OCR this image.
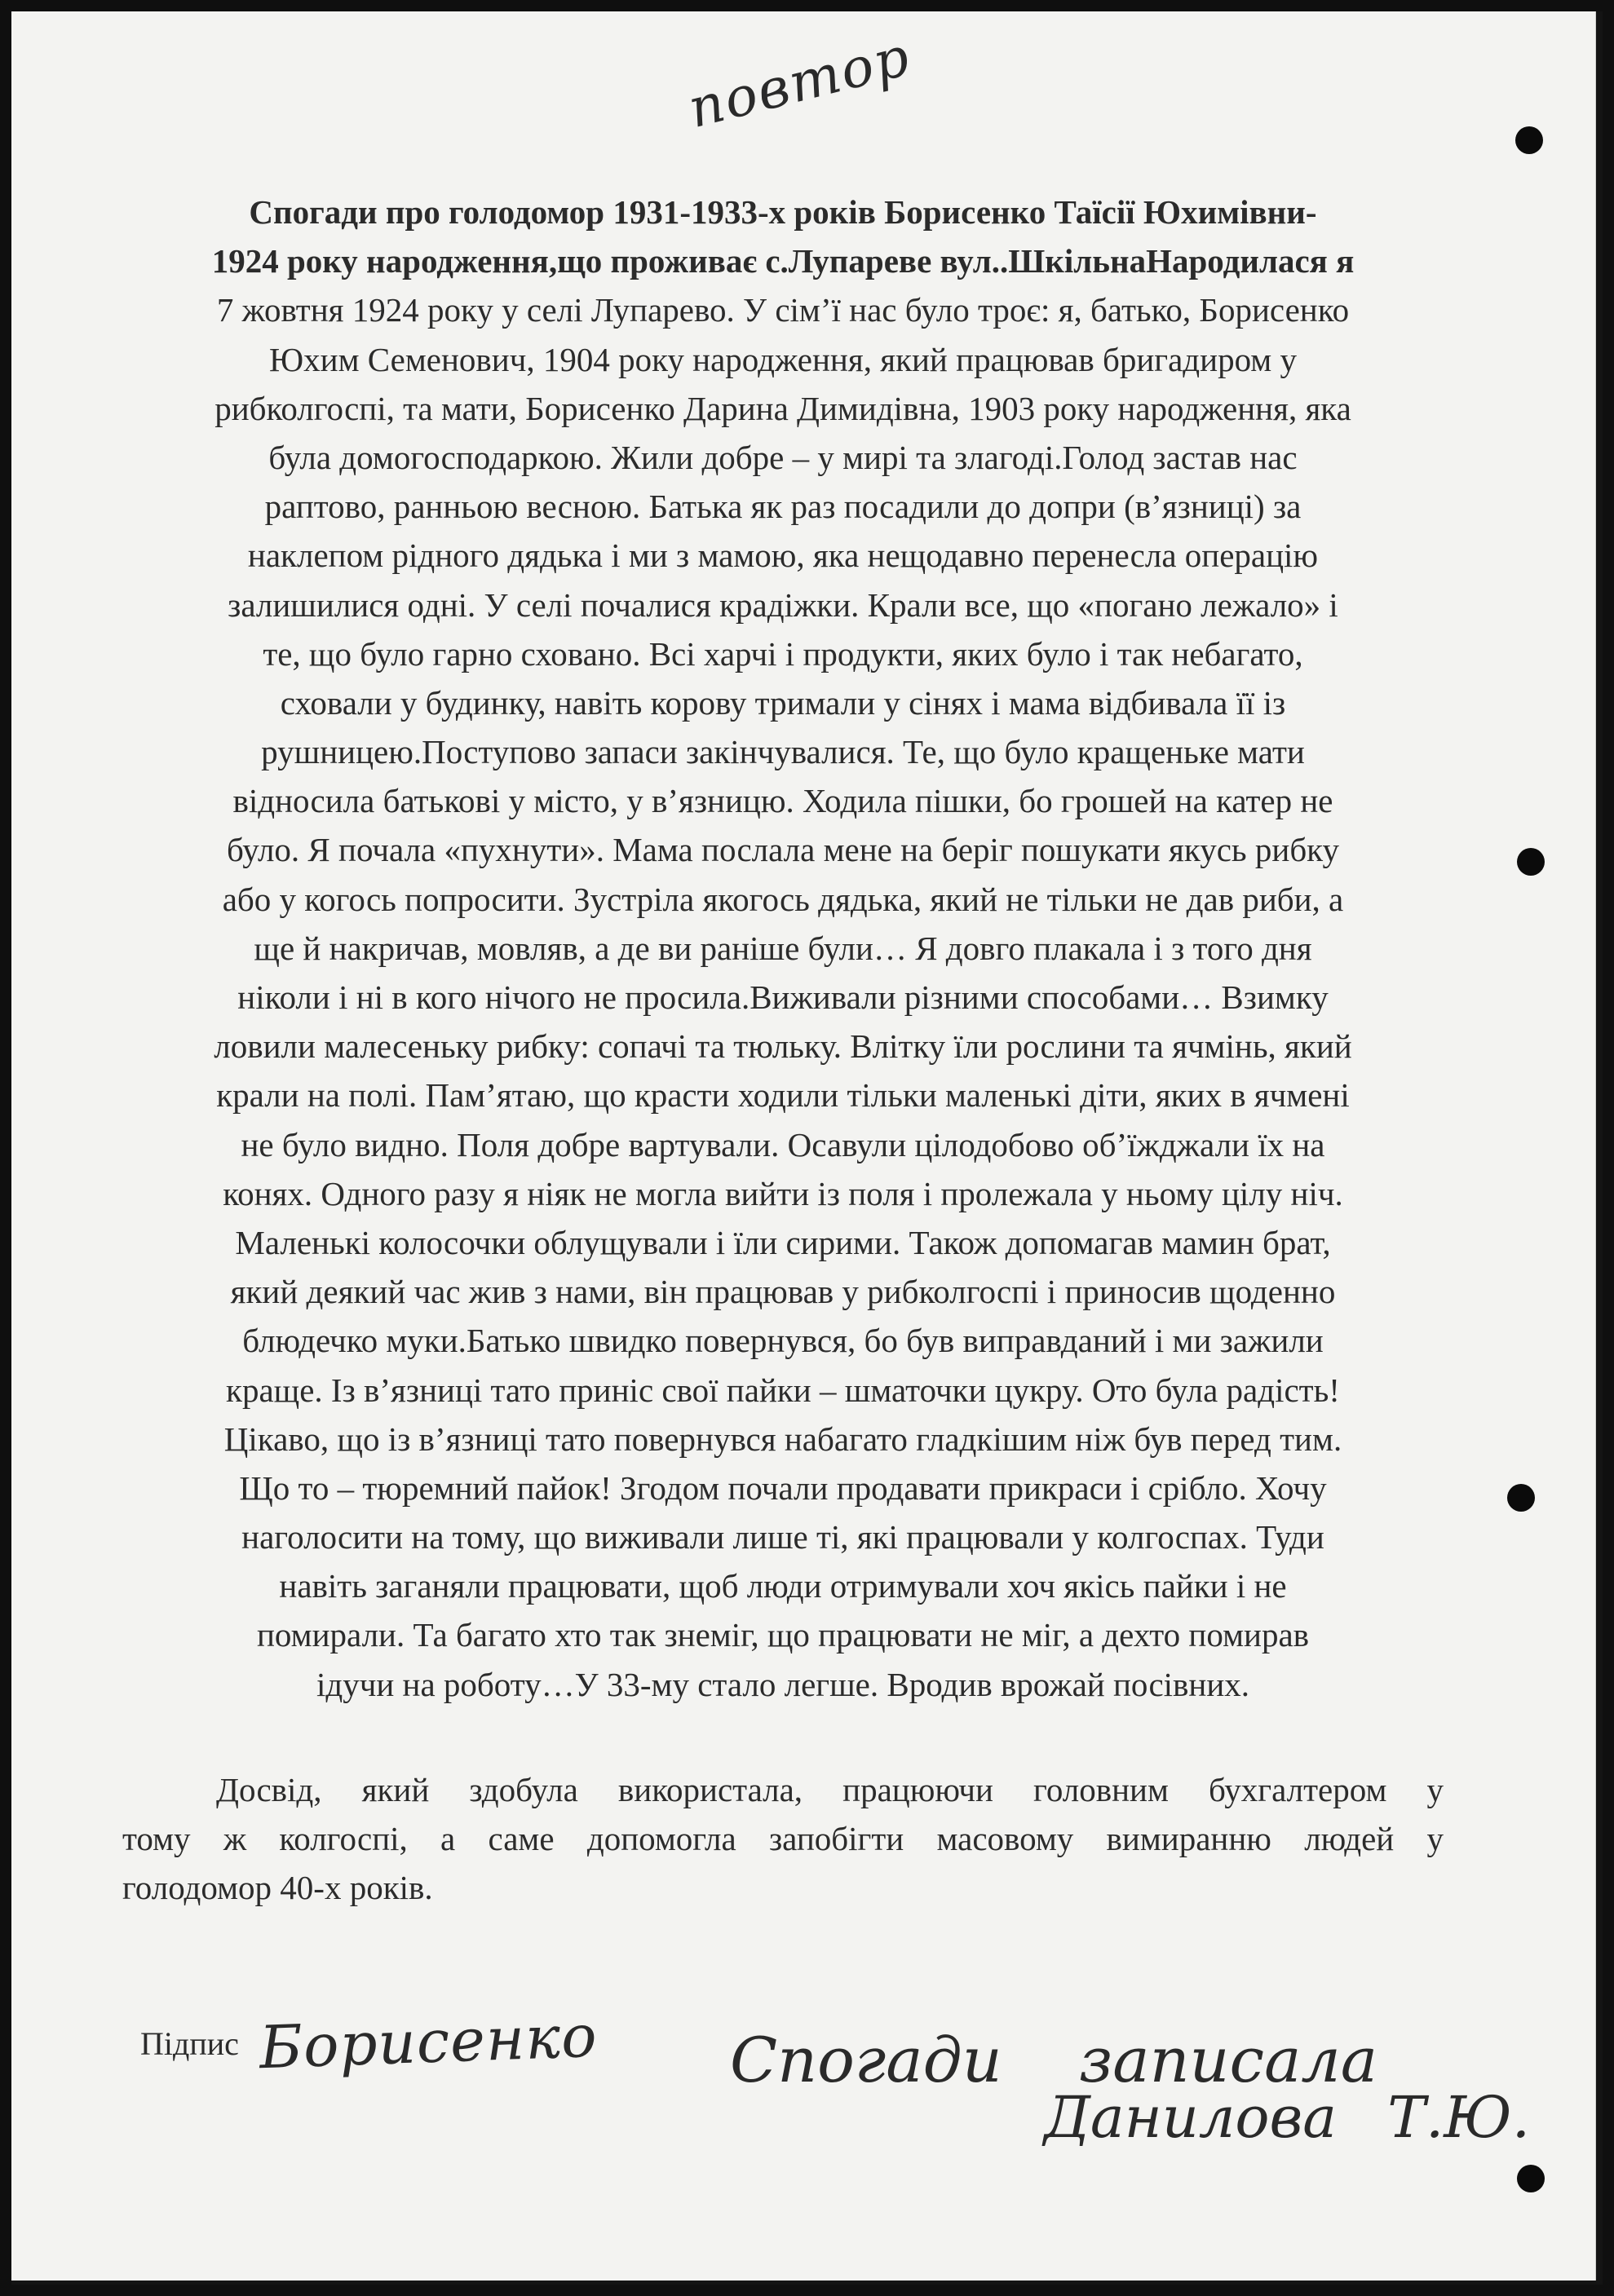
повтор
Спогади про голодомор 1931-1933-х років Борисенко Таїсії Юхимівни-
1924 року народження,що проживає с.Лупареве вул..ШкільнаНародилася я
7 жовтня 1924 року у селі Лупарево. У сім’ї нас було троє: я, батько, Борисенко
Юхим Семенович, 1904 року народження, який працював бригадиром у
рибколгоспі, та мати, Борисенко Дарина Димидівна, 1903 року народження, яка
була домогосподаркою. Жили добре – у мирі та злагоді.Голод застав нас
раптово, ранньою весною. Батька як раз посадили до допри (в’язниці) за
наклепом рідного дядька і ми з мамою, яка нещодавно перенесла операцію
залишилися одні. У селі почалися крадіжки. Крали все, що «погано лежало» і
те, що було гарно сховано. Всі харчі і продукти, яких було і так небагато,
сховали у будинку, навіть корову тримали у сінях і мама відбивала її із
рушницею.Поступово запаси закінчувалися. Те, що було кращеньке мати
відносила батькові у місто, у в’язницю. Ходила пішки, бо грошей на катер не
було. Я почала «пухнути». Мама послала мене на беріг пошукати якусь рибку
або у когось попросити. Зустріла якогось дядька, який не тільки не дав риби, а
ще й накричав, мовляв, а де ви раніше були… Я довго плакала і з того дня
ніколи і ні в кого нічого не просила.Виживали різними способами… Взимку
ловили малесеньку рибку: сопачі та тюльку. Влітку їли рослини та ячмінь, який
крали на полі. Пам’ятаю, що красти ходили тільки маленькі діти, яких в ячмені
не було видно. Поля добре вартували. Осавули цілодобово об’їжджали їх на
конях. Одного разу я ніяк не могла вийти із поля і пролежала у ньому цілу ніч.
Маленькі колосочки облущували і їли сирими. Також допомагав мамин брат,
який деякий час жив з нами, він працював у рибколгоспі і приносив щоденно
блюдечко муки.Батько швидко повернувся, бо був виправданий і ми зажили
краще. Із в’язниці тато приніс свої пайки – шматочки цукру. Ото була радість!
Цікаво, що із в’язниці тато повернувся набагато гладкішим ніж був перед тим.
Що то – тюремний пайок! Згодом почали продавати прикраси і срібло. Хочу
наголосити на тому, що виживали лише ті, які працювали у колгоспах. Туди
навіть заганяли працювати, щоб люди отримували хоч якісь пайки і не
помирали. Та багато хто так знеміг, що працювати не міг, а дехто помирав
ідучи на роботу…У 33-му стало легше. Вродив врожай посівних.
Досвід, який здобула використала, працюючи головним бухгалтером у
тому ж колгоспі, а саме допомогла запобігти масовому вимиранню людей у
голодомор 40-х років.
Підпис Борисенко Спогади записала
Данилова Т.Ю.
